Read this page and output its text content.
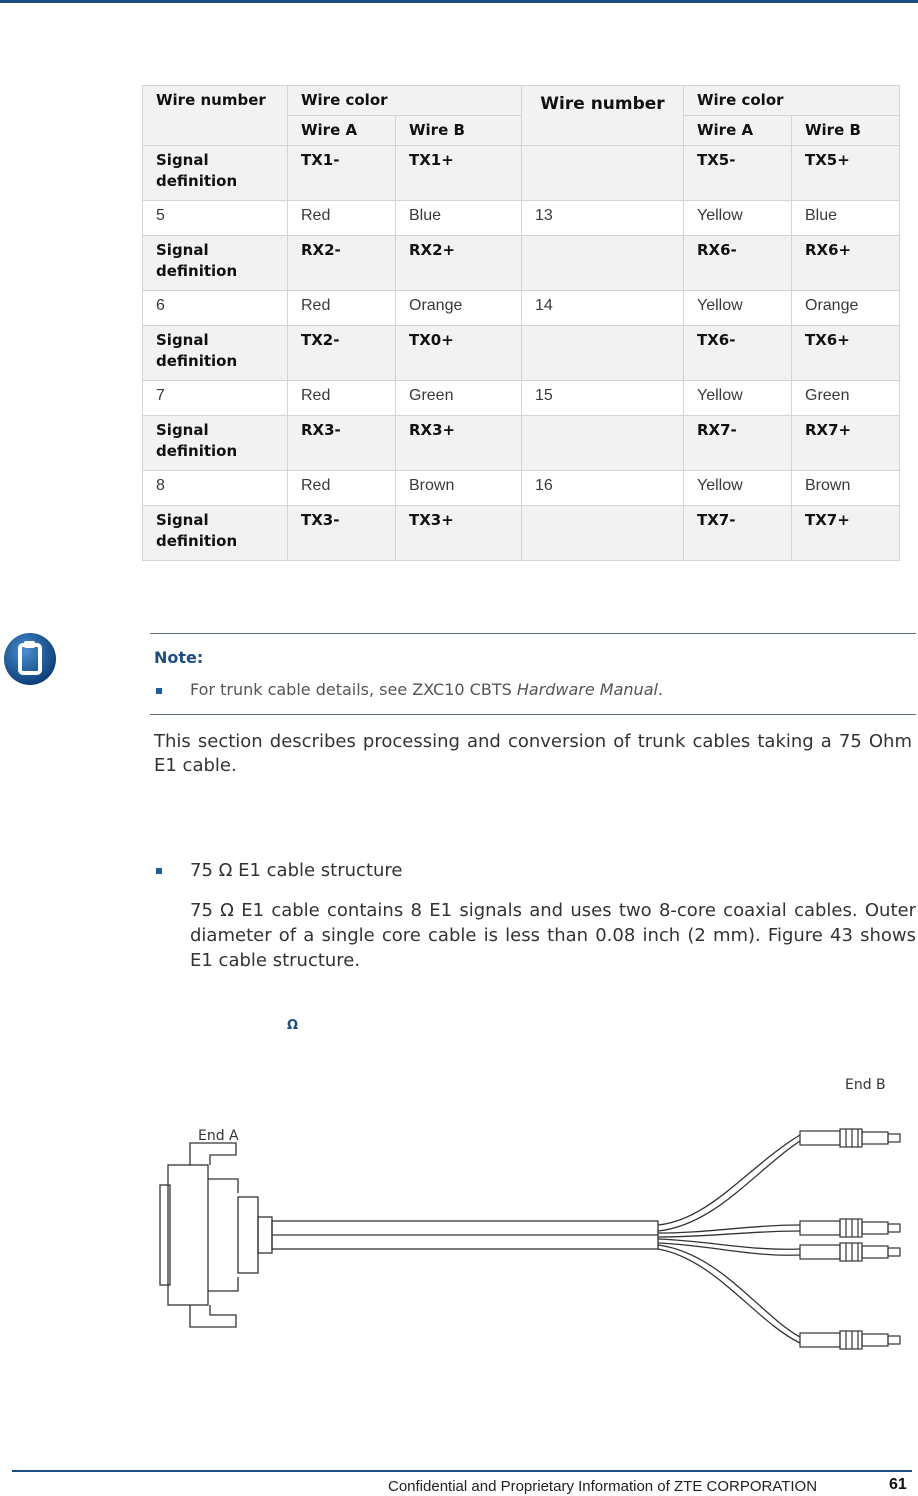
Wire number	Wire color		Wire number	Wire color	
	Wire A	Wire B		Wire A	Wire B
Signal definition	TX1-	TX1+		TX5-	TX5+
5	Red	Blue	13	Yellow	Blue
Signal definition	RX2-	RX2+		RX6-	RX6+
6	Red	Orange	14	Yellow	Orange
Signal definition	TX2-	TX0+		TX6-	TX6+
7	Red	Green	15	Yellow	Green
Signal definition	RX3-	RX3+		RX7-	RX7+
8	Red	Brown	16	Yellow	Brown
Signal definition	TX3-	TX3+		TX7-	TX7+
Note:
For trunk cable details, see ZXC10 CBTS Hardware Manual.
This section describes processing and conversion of trunk cables taking a 75 Ohm E1 cable.
75 Ω E1 cable structure
75 Ω E1 cable contains 8 E1 signals and uses two 8-core coaxial cables. Outer diameter of a single core cable is less than 0.08 inch (2 mm). Figure 43 shows E1 cable structure.
Ω
End A
End B
Confidential and Proprietary Information of ZTE CORPORATION	61
